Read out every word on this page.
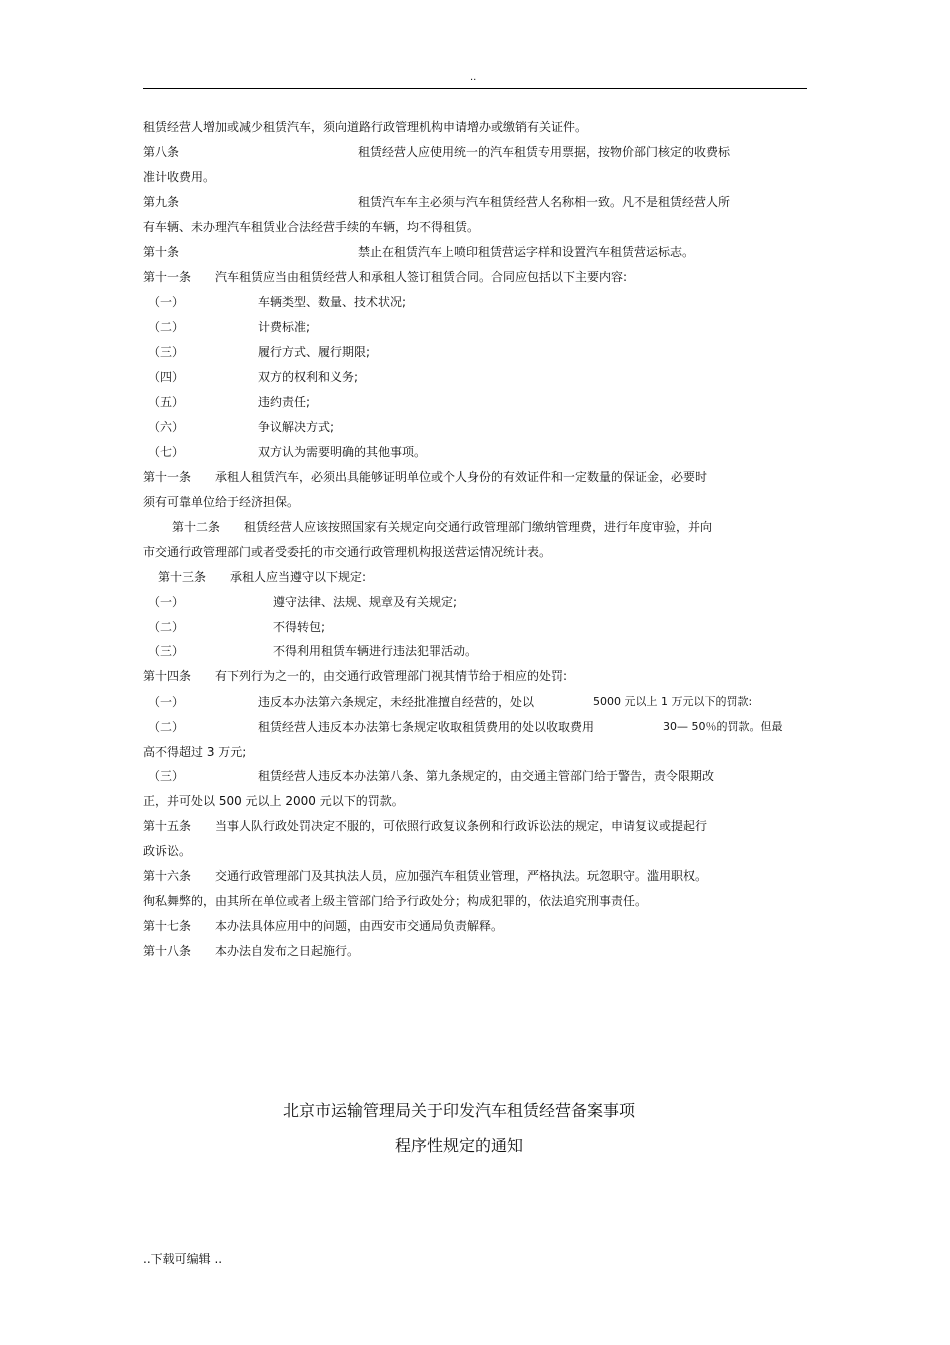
..
租赁经营人增加或减少租赁汽车，须向道路行政管理机构申请增办或缴销有关证件。
第八条	租赁经营人应使用统一的汽车租赁专用票据，按物价部门核定的收费标
准计收费用。
第九条	租赁汽车车主必须与汽车租赁经营人名称相一致。凡不是租赁经营人所
有车辆、未办理汽车租赁业合法经营手续的车辆，均不得租赁。
第十条	禁止在租赁汽车上喷印租赁营运字样和设置汽车租赁营运标志。
第十一条 汽车租赁应当由租赁经营人和承租人签订租赁合同。合同应包括以下主要内容:
（一）	车辆类型、数量、技术状况;
（二）	计费标准;
（三）	履行方式、履行期限;
（四）	双方的权利和义务;
（五）	违约责任;
（六）	争议解决方式;
（七）	双方认为需要明确的其他事项。
第十一条 承租人租赁汽车，必须出具能够证明单位或个人身份的有效证件和一定数量的保证金，必要时
须有可靠单位给于经济担保。
第十二条 租赁经营人应该按照国家有关规定向交通行政管理部门缴纳管理费，进行年度审验，并向
市交通行政管理部门或者受委托的市交通行政管理机构报送营运情况统计表。
第十三条 承租人应当遵守以下规定:
（一）	遵守法律、法规、规章及有关规定;
（二）	不得转包;
（三）	不得利用租赁车辆进行违法犯罪活动。
第十四条 有下列行为之一的，由交通行政管理部门视其情节给于相应的处罚:
（一）	违反本办法第六条规定，未经批准擅自经营的，处以	5000 元以上 1 万元以下的罚款:
（二）	租赁经营人违反本办法第七条规定收取租赁费用的处以收取费用	30— 50％的罚款。但最
高不得超过 3 万元;
（三）	租赁经营人违反本办法第八条、第九条规定的，由交通主管部门给于警告，责令限期改
正，并可处以 500 元以上 2000 元以下的罚款。
第十五条 当事人队行政处罚决定不服的，可依照行政复议条例和行政诉讼法的规定，申请复议或提起行
政诉讼。
第十六条 交通行政管理部门及其执法人员，应加强汽车租赁业管理，严格执法。玩忽职守。滥用职权。
徇私舞弊的，由其所在单位或者上级主管部门给予行政处分；构成犯罪的，依法追究刑事责任。
第十七条 本办法具体应用中的问题，由西安市交通局负责解释。
第十八条 本办法自发布之日起施行。
北京市运输管理局关于印发汽车租赁经营备案事项
程序性规定的通知
..下载可编辑 ..
